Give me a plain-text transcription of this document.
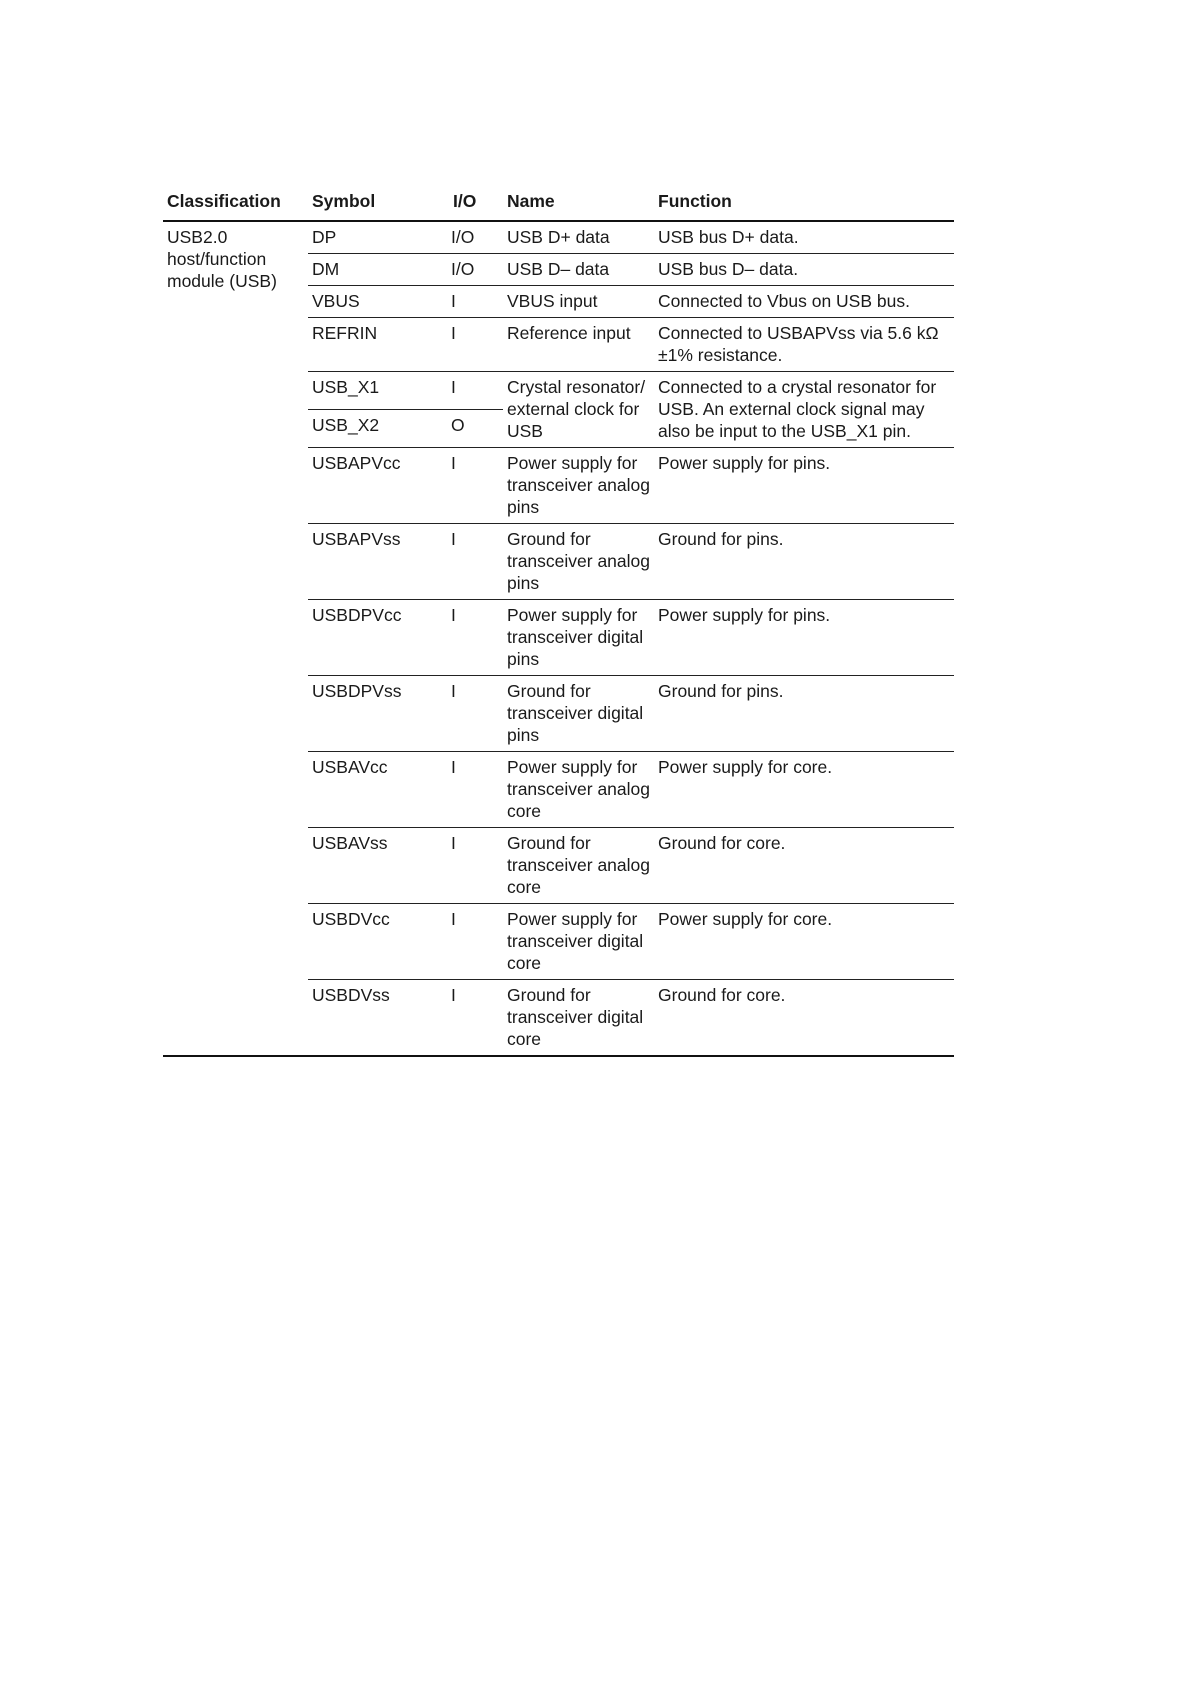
Classification	Symbol	I/O	Name	Function
USB2.0 host/function module (USB)	DP	I/O	USB D+ data	USB bus D+ data.
	DM	I/O	USB D– data	USB bus D– data.
	VBUS	I	VBUS input	Connected to Vbus on USB bus.
	REFRIN	I	Reference input	Connected to USBAPVss via 5.6 kΩ ±1% resistance.
	USB_X1	I	Crystal resonator/ external clock for USB	Connected to a crystal resonator for USB. An external clock signal may also be input to the USB_X1 pin.
	USB_X2	O		
	USBAPVcc	I	Power supply for transceiver analog pins	Power supply for pins.
	USBAPVss	I	Ground for transceiver analog pins	Ground for pins.
	USBDPVcc	I	Power supply for transceiver digital pins	Power supply for pins.
	USBDPVss	I	Ground for transceiver digital pins	Ground for pins.
	USBAVcc	I	Power supply for transceiver analog core	Power supply for core.
	USBAVss	I	Ground for transceiver analog core	Ground for core.
	USBDVcc	I	Power supply for transceiver digital core	Power supply for core.
	USBDVss	I	Ground for transceiver digital core	Ground for core.
